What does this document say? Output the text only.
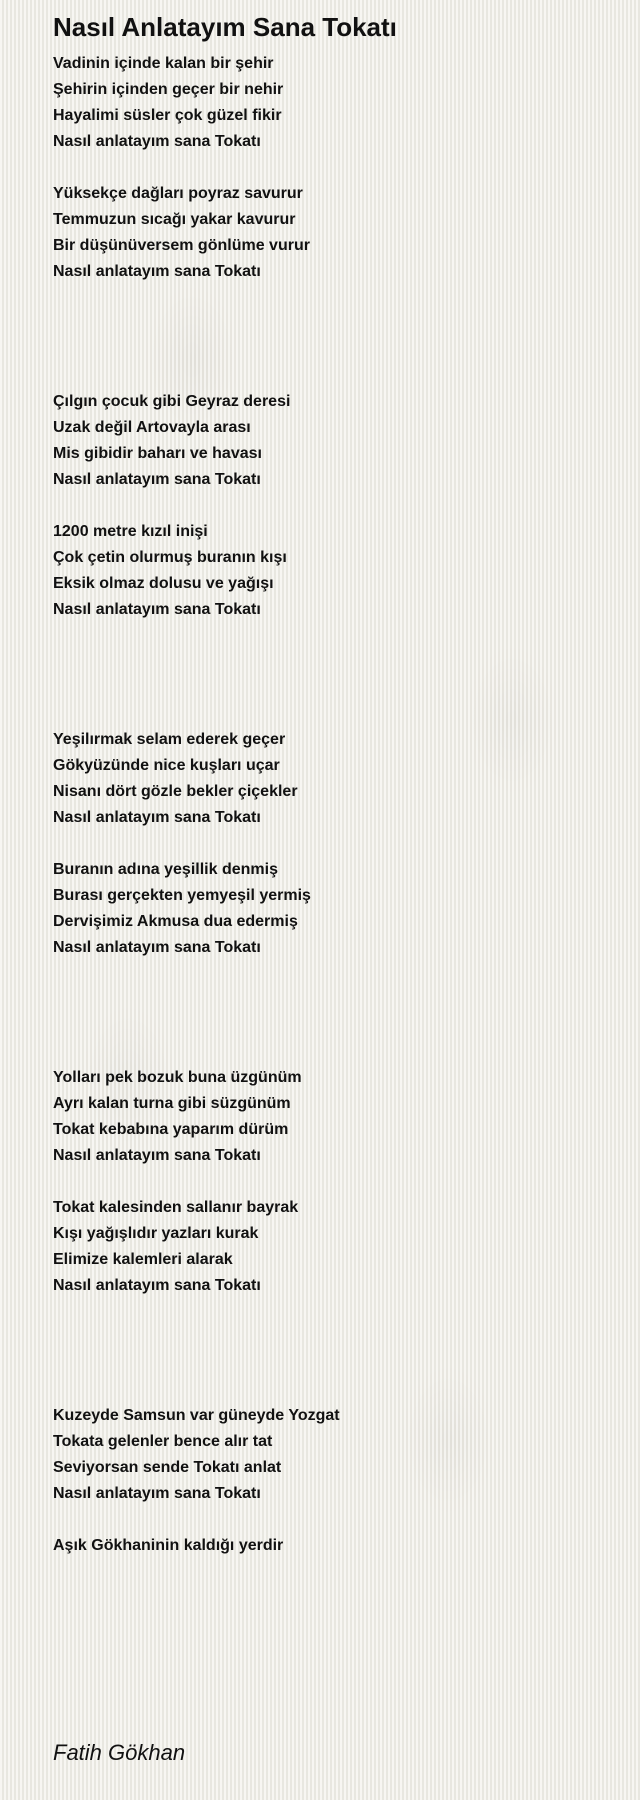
Nasıl Anlatayım Sana Tokatı
Vadinin içinde kalan bir şehir
Şehirin içinden geçer bir nehir
Hayalimi süsler çok güzel fikir
Nasıl anlatayım sana Tokatı
Yüksekçe dağları poyraz savurur
Temmuzun sıcağı yakar kavurur
Bir düşünüversem gönlüme vurur
Nasıl anlatayım sana Tokatı
Çılgın çocuk gibi Geyraz deresi
Uzak değil Artovayla arası
Mis gibidir baharı ve havası
Nasıl anlatayım sana Tokatı
1200 metre kızıl inişi
Çok çetin olurmuş buranın kışı
Eksik olmaz dolusu ve yağışı
Nasıl anlatayım sana Tokatı
Yeşilırmak selam ederek geçer
Gökyüzünde nice kuşları uçar
Nisanı dört gözle bekler çiçekler
Nasıl anlatayım sana Tokatı
Buranın adına yeşillik denmiş
Burası gerçekten yemyeşil yermiş
Dervişimiz Akmusa dua edermiş
Nasıl anlatayım sana Tokatı
Yolları pek bozuk buna üzgünüm
Ayrı kalan turna gibi süzgünüm
Tokat kebabına yaparım dürüm
Nasıl anlatayım sana Tokatı
Tokat kalesinden sallanır bayrak
Kışı yağışlıdır yazları kurak
Elimize kalemleri alarak
Nasıl anlatayım sana Tokatı
Kuzeyde Samsun var güneyde Yozgat
Tokata gelenler bence alır tat
Seviyorsan sende Tokatı anlat
Nasıl anlatayım sana Tokatı
Aşık Gökhaninin kaldığı yerdir
Fatih Gökhan
